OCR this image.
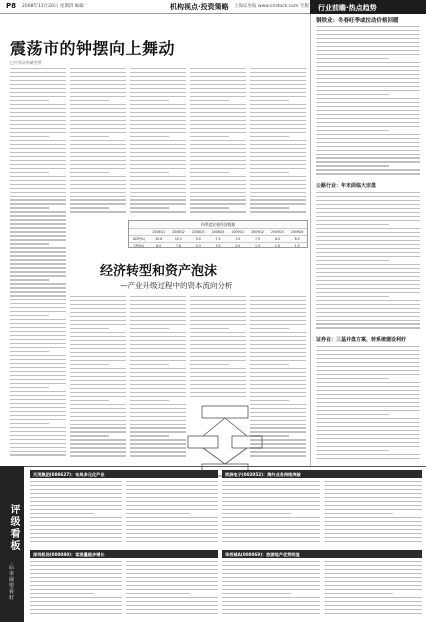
P8 2008年11月20日 星期四 编辑：	机构视点·投资策略 上海证券报 www.cnstock.com 专版	行业前瞻·热点趋势
震荡市的钟摆向上舞动
□兴业证券研究所
四季度宏观经济数据
2008Q1	2008Q2	2008Q3	2008Q4	2009Q1	2009Q2	2009Q3	2009Q4
GDP(%)	10.6	10.1	9.0	7.5	7.0	7.5	8.0	8.5
CPI(%)	8.0	7.8	5.3	3.5	2.0	1.5	1.0	1.5
经济转型和资产泡沫
—产业升级过程中的资本流向分析
钢铁业：冬春旺季或拉动价格回暖
公路行业：年末面临大宗盘
证券业：三基并盘方案，转系统建设利好
评级看板
·后市展望看好
天茂集团(000627)：布局多元化产业	同洲电子(002052)：海外业务持续突破
深圳机场(000089)：客流量稳步增长	华侨城A(000069)：旅游地产优势明显
